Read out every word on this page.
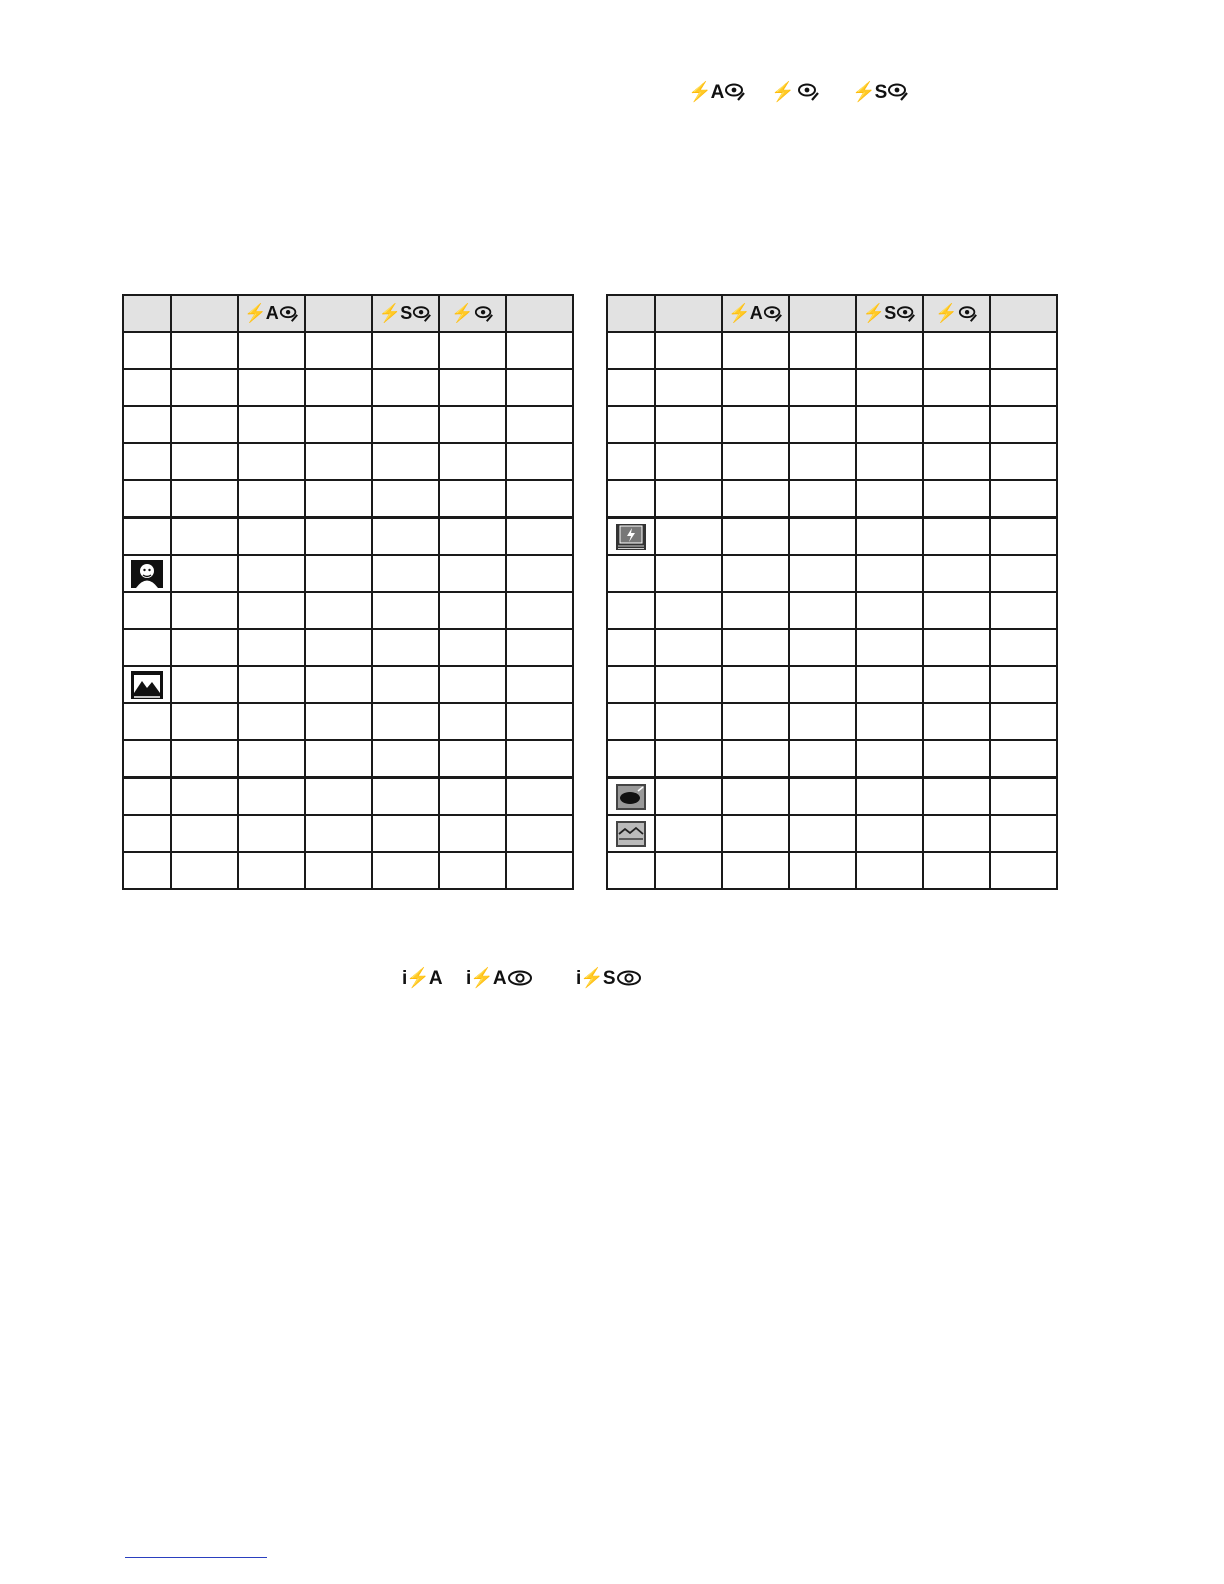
⚡A	⚡	⚡S

		⚡A		⚡S	⚡	

		⚡A		⚡S	⚡	

i⚡A i⚡A	i⚡S
